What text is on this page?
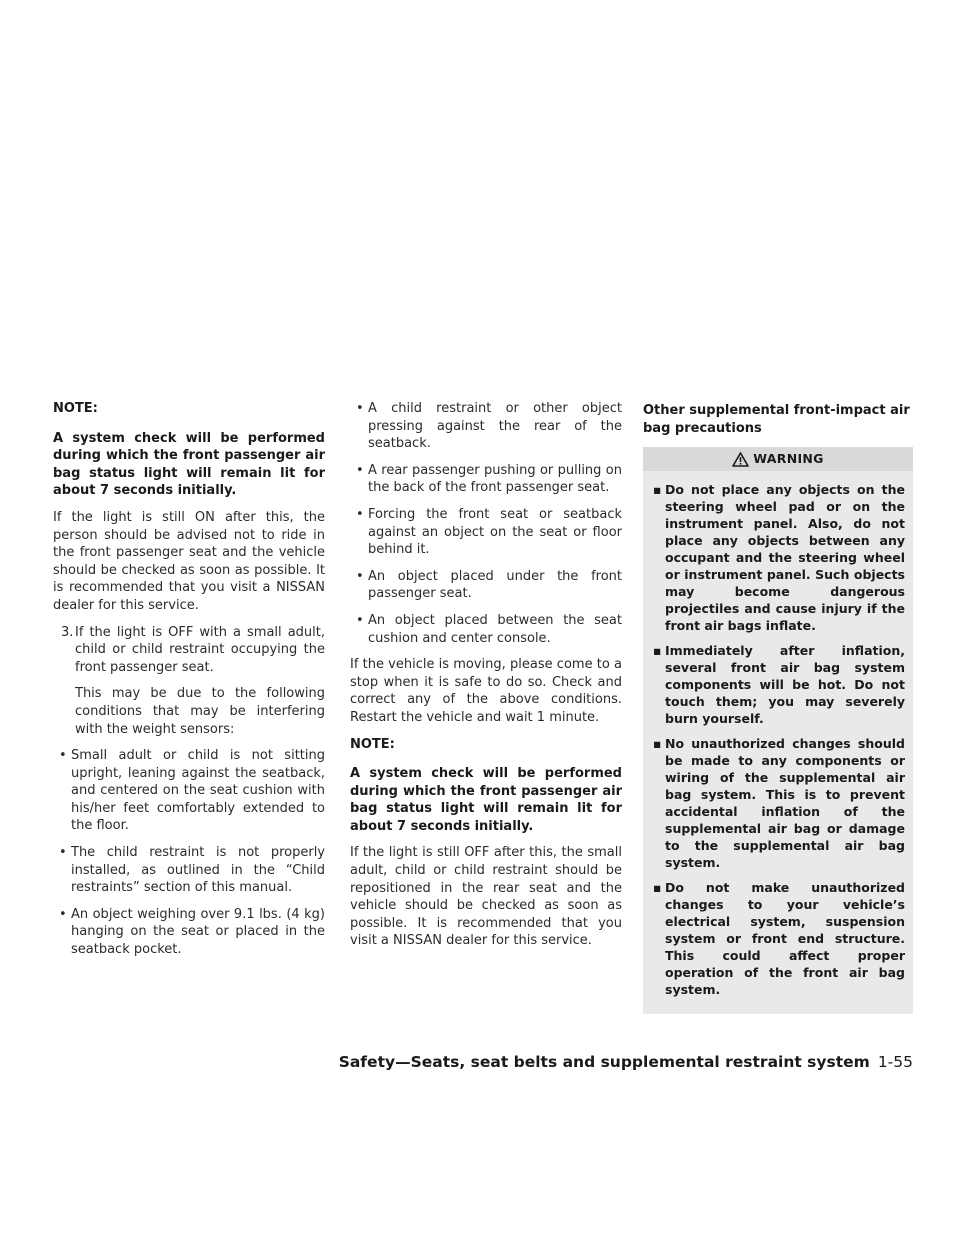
NOTE:

A system check will be performed during which the front passenger air bag status light will remain lit for about 7 seconds initially.

If the light is still ON after this, the person should be advised not to ride in the front passenger seat and the vehicle should be checked as soon as possible. It is recommended that you visit a NISSAN dealer for this service.

3. If the light is OFF with a small adult, child or child restraint occupying the front passenger seat.

This may be due to the following conditions that may be interfering with the weight sensors:

• Small adult or child is not sitting upright, leaning against the seatback, and centered on the seat cushion with his/her feet comfortably extended to the floor.
• The child restraint is not properly installed, as outlined in the “Child restraints” section of this manual.
• An object weighing over 9.1 lbs. (4 kg) hanging on the seat or placed in the seatback pocket.
• A child restraint or other object pressing against the rear of the seatback.
• A rear passenger pushing or pulling on the back of the front passenger seat.
• Forcing the front seat or seatback against an object on the seat or floor behind it.
• An object placed under the front passenger seat.
• An object placed between the seat cushion and center console.

If the vehicle is moving, please come to a stop when it is safe to do so. Check and correct any of the above conditions. Restart the vehicle and wait 1 minute.

NOTE:

A system check will be performed during which the front passenger air bag status light will remain lit for about 7 seconds initially.

If the light is still OFF after this, the small adult, child or child restraint should be repositioned in the rear seat and the vehicle should be checked as soon as possible. It is recommended that you visit a NISSAN dealer for this service.

Other supplemental front-impact air bag precautions

WARNING
▪ Do not place any objects on the steering wheel pad or on the instrument panel. Also, do not place any objects between any occupant and the steering wheel or instrument panel. Such objects may become dangerous projectiles and cause injury if the front air bags inflate.
▪ Immediately after inflation, several front air bag system components will be hot. Do not touch them; you may severely burn yourself.
▪ No unauthorized changes should be made to any components or wiring of the supplemental air bag system. This is to prevent accidental inflation of the supplemental air bag or damage to the supplemental air bag system.
▪ Do not make unauthorized changes to your vehicle’s electrical system, suspension system or front end structure. This could affect proper operation of the front air bag system.
Safety—Seats, seat belts and supplemental restraint system 1-55
